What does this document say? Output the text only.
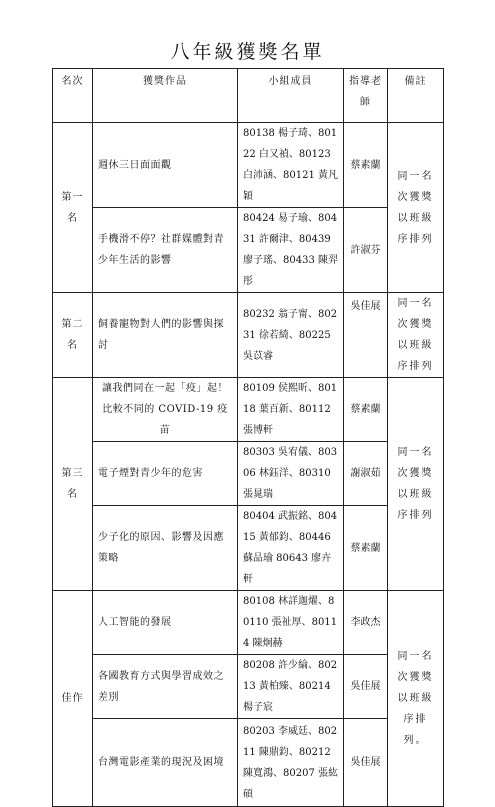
八年級獲獎名單
名次	獲獎作品	小組成員	指導老師	備註
第一名	週休三日面面觀	80138 楊子琦、80122 白又禎、80123 白沛涵、80121 黃凡穎	蔡素蘭	同一名次獲獎以班級序排列
	手機滑不停？社群媒體對青少年生活的影響	80424 易子瑜、80431 許爾津、80439 廖子瑤、80433 陳羿彤	許淑芬	
第二名	飼養寵物對人們的影響與探討	80232 翁子甯、80231 徐若綺、80225 吳苡睿	吳佳展	同一名次獲獎以班級序排列
第三名	讓我們同在一起「疫」起！比較不同的 COVID-19 疫苗	80109 侯熙昕、80118 葉百新、80112 張博軒	蔡素蘭	同一名次獲獎以班級序排列
	電子煙對青少年的危害	80303 吳宥儀、80306 林鈺洋、80310 張晁瑞	謝淑茹	
	少子化的原因、影響及因應策略	80404 武振銘、80415 黃郁鈞、80446 蘇品瑜 80643 廖卉軒	蔡素蘭	
佳作	人工智能的發展	80108 林詳迦燿、80110 張祉厚、80114 陳炯赫	李政杰	同一名次獲獎以班級序排列。
	各國教育方式與學習成效之差別	80208 許少綸、80213 黃柏臻、80214 楊子宸	吳佳展	
	台灣電影產業的現況及困境	80203 李威廷、80211 陳鼎鈞、80212 陳寬鴻、80207 張紘碩	吳佳展	
